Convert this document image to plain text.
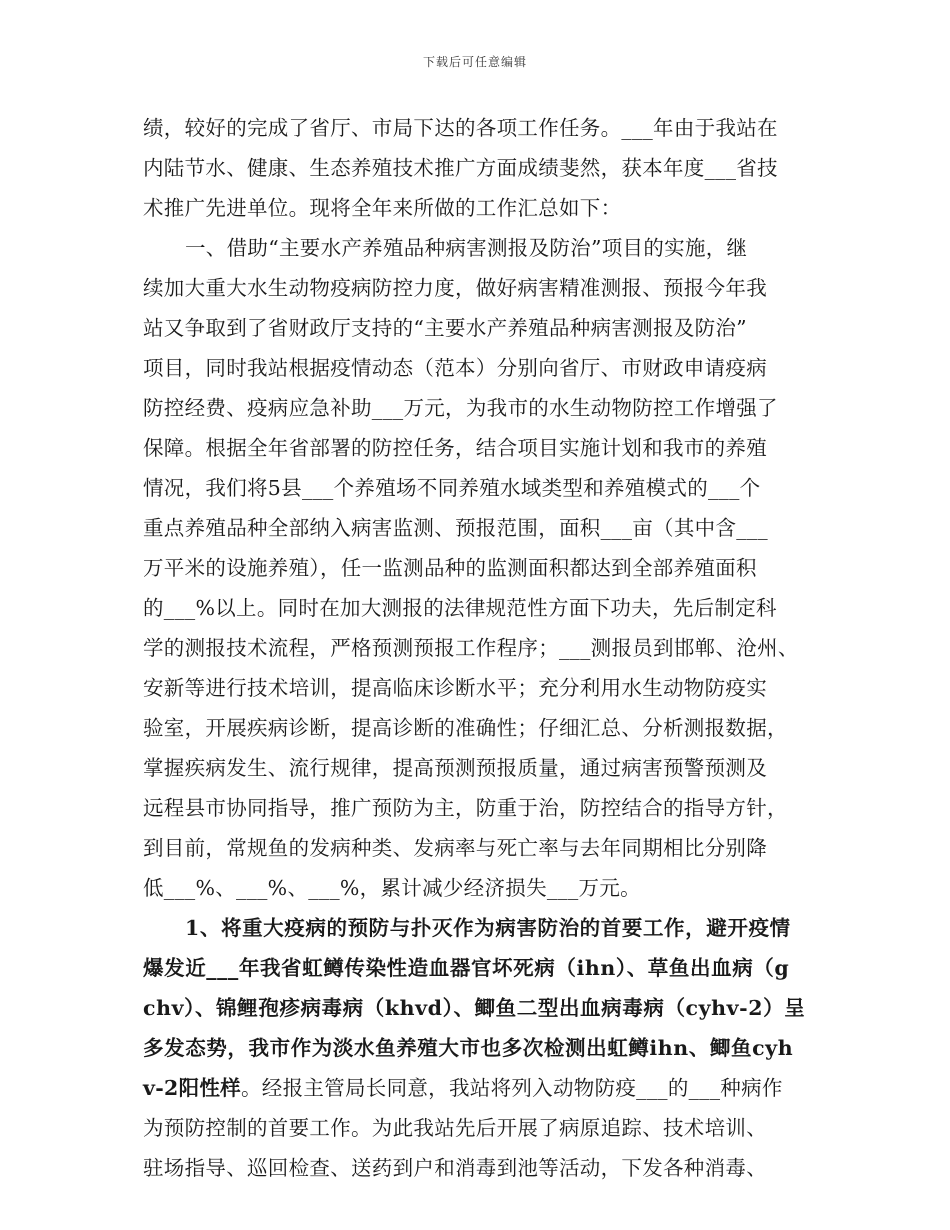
下载后可任意编辑
绩，较好的完成了省厅、市局下达的各项工作任务。___年由于我站在
内陆节水、健康、生态养殖技术推广方面成绩斐然，获本年度___省技
术推广先进单位。现将全年来所做的工作汇总如下：
一、借助“主要水产养殖品种病害测报及防治”项目的实施，继
续加大重大水生动物疫病防控力度，做好病害精准测报、预报今年我
站又争取到了省财政厅支持的“主要水产养殖品种病害测报及防治”
项目，同时我站根据疫情动态（范本）分别向省厅、市财政申请疫病
防控经费、疫病应急补助___万元，为我市的水生动物防控工作增强了
保障。根据全年省部署的防控任务，结合项目实施计划和我市的养殖
情况，我们将5县___个养殖场不同养殖水域类型和养殖模式的___个
重点养殖品种全部纳入病害监测、预报范围，面积___亩（其中含___
万平米的设施养殖），任一监测品种的监测面积都达到全部养殖面积
的___%以上。同时在加大测报的法律规范性方面下功夫，先后制定科
学的测报技术流程，严格预测预报工作程序；___测报员到邯郸、沧州、
安新等进行技术培训，提高临床诊断水平；充分利用水生动物防疫实
验室，开展疾病诊断，提高诊断的准确性；仔细汇总、分析测报数据，
掌握疾病发生、流行规律，提高预测预报质量，通过病害预警预测及
远程县市协同指导，推广预防为主，防重于治，防控结合的指导方针，
到目前，常规鱼的发病种类、发病率与死亡率与去年同期相比分别降
低___%、___%、___%，累计减少经济损失___万元。
1、将重大疫病的预防与扑灭作为病害防治的首要工作，避开疫情
爆发近___年我省虹鳟传染性造血器官坏死病（ihn）、草鱼出血病（g
chv）、锦鲤孢疹病毒病（khvd）、鲫鱼二型出血病毒病（cyhv-2）呈
多发态势，我市作为淡水鱼养殖大市也多次检测出虹鳟ihn、鲫鱼cyh
v-2阳性样。经报主管局长同意，我站将列入动物防疫___的___种病作
为预防控制的首要工作。为此我站先后开展了病原追踪、技术培训、
驻场指导、巡回检查、送药到户和消毒到池等活动，下发各种消毒、
